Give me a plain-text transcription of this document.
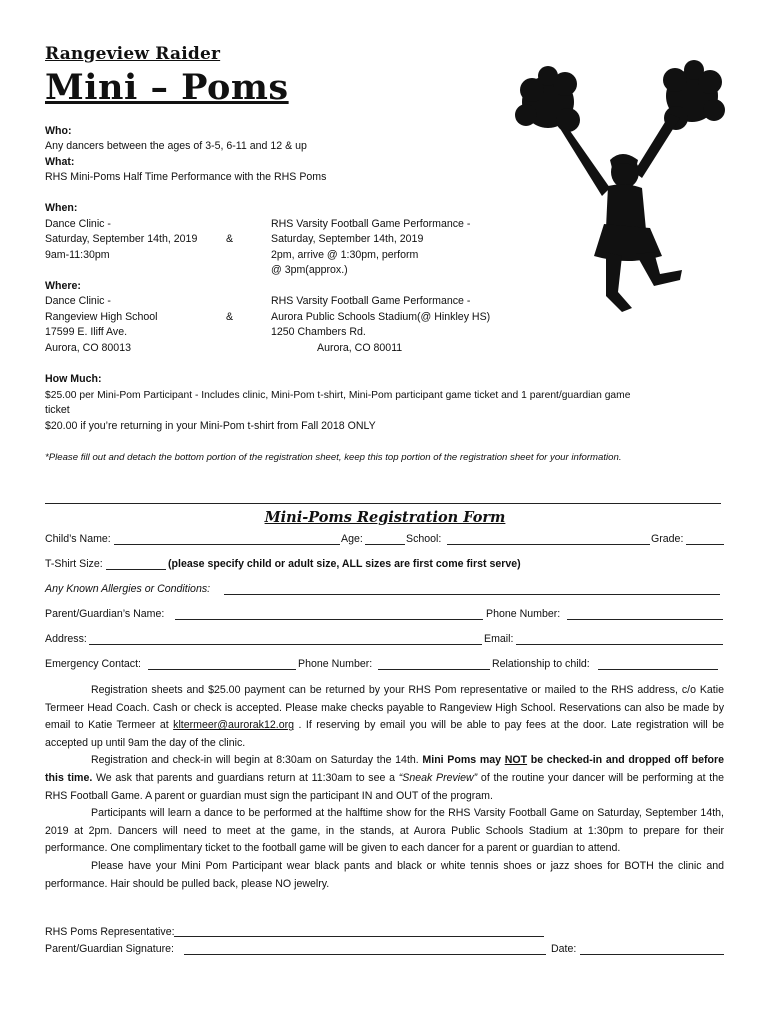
Rangeview Raider
Mini – Poms
Who:
Any dancers between the ages of 3-5, 6-11 and 12 & up
What:
RHS Mini-Poms Half Time Performance with the RHS Poms
When:
Dance Clinic -
Saturday, September 14th, 2019
9am-11:30pm
&
RHS Varsity Football Game Performance -
Saturday, September 14th, 2019
2pm, arrive @ 1:30pm, perform
@ 3pm(approx.)
Where:
Dance Clinic -
Rangeview High School
17599 E. Iliff Ave.
Aurora, CO 80013
&
RHS Varsity Football Game Performance -
Aurora Public Schools Stadium(@ Hinkley HS)
1250 Chambers Rd.
Aurora, CO 80011
How Much:
$25.00 per Mini-Pom Participant - Includes clinic, Mini-Pom t-shirt, Mini-Pom participant game ticket and 1 parent/guardian game
ticket
$20.00 if you’re returning in your Mini-Pom t-shirt from Fall 2018 ONLY
*Please fill out and detach the bottom portion of the registration sheet, keep this top portion of the registration sheet for your information.
Mini-Poms Registration Form
Child’s Name:	Age:	School:	Grade:
T-Shirt Size:	(please specify child or adult size, ALL sizes are first come first serve)
Any Known Allergies or Conditions:
Parent/Guardian’s Name:	Phone Number:
Address:	Email:
Emergency Contact:	Phone Number:	Relationship to child:

Registration sheets and $25.00 payment can be returned by your RHS Pom representative or mailed to the RHS address, c/o Katie Termeer Head Coach. Cash or check is accepted. Please make checks payable to Rangeview High School. Reservations can also be made by email to Katie Termeer at kltermeer@aurorak12.org . If reserving by email you will be able to pay fees at the door. Late registration will be accepted up until 9am the day of the clinic.

Registration and check-in will begin at 8:30am on Saturday the 14th. Mini Poms may NOT be checked-in and dropped off before this time. We ask that parents and guardians return at 11:30am to see a “Sneak Preview” of the routine your dancer will be performing at the RHS Football Game. A parent or guardian must sign the participant IN and OUT of the program.

Participants will learn a dance to be performed at the halftime show for the RHS Varsity Football Game on Saturday, September 14th, 2019 at 2pm. Dancers will need to meet at the game, in the stands, at Aurora Public Schools Stadium at 1:30pm to prepare for their performance. One complimentary ticket to the football game will be given to each dancer for a parent or guardian to attend.

Please have your Mini Pom Participant wear black pants and black or white tennis shoes or jazz shoes for BOTH the clinic and performance. Hair should be pulled back, please NO jewelry.

RHS Poms Representative:
Parent/Guardian Signature:	Date:
